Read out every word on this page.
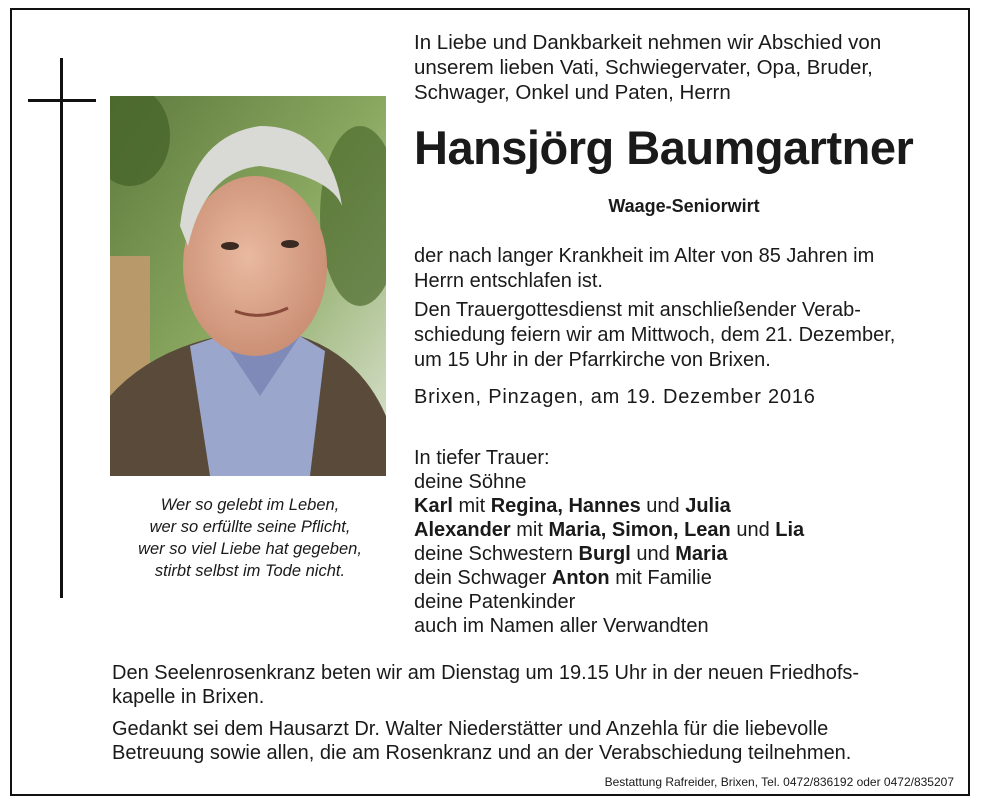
Wer so gelebt im Leben,
wer so erfüllte seine Pflicht,
wer so viel Liebe hat gegeben,
stirbt selbst im Tode nicht.
In Liebe und Dankbarkeit nehmen wir Abschied von
unserem lieben Vati, Schwiegervater, Opa, Bruder,
Schwager, Onkel und Paten, Herrn
Hansjörg Baumgartner
Waage-Seniorwirt
der nach langer Krankheit im Alter von 85 Jahren im
Herrn entschlafen ist.
Den Trauergottesdienst mit anschließender Verab-
schiedung feiern wir am Mittwoch, dem 21. Dezember,
um 15 Uhr in der Pfarrkirche von Brixen.
Brixen, Pinzagen, am 19. Dezember 2016
In tiefer Trauer:
deine Söhne
Karl mit Regina, Hannes und Julia
Alexander mit Maria, Simon, Lean und Lia
deine Schwestern Burgl und Maria
dein Schwager Anton mit Familie
deine Patenkinder
auch im Namen aller Verwandten
Den Seelenrosenkranz beten wir am Dienstag um 19.15 Uhr in der neuen Friedhofs-
kapelle in Brixen.
Gedankt sei dem Hausarzt Dr. Walter Niederstätter und Anzehla für die liebevolle
Betreuung sowie allen, die am Rosenkranz und an der Verabschiedung teilnehmen.
Bestattung Rafreider, Brixen, Tel. 0472/836192 oder 0472/835207
